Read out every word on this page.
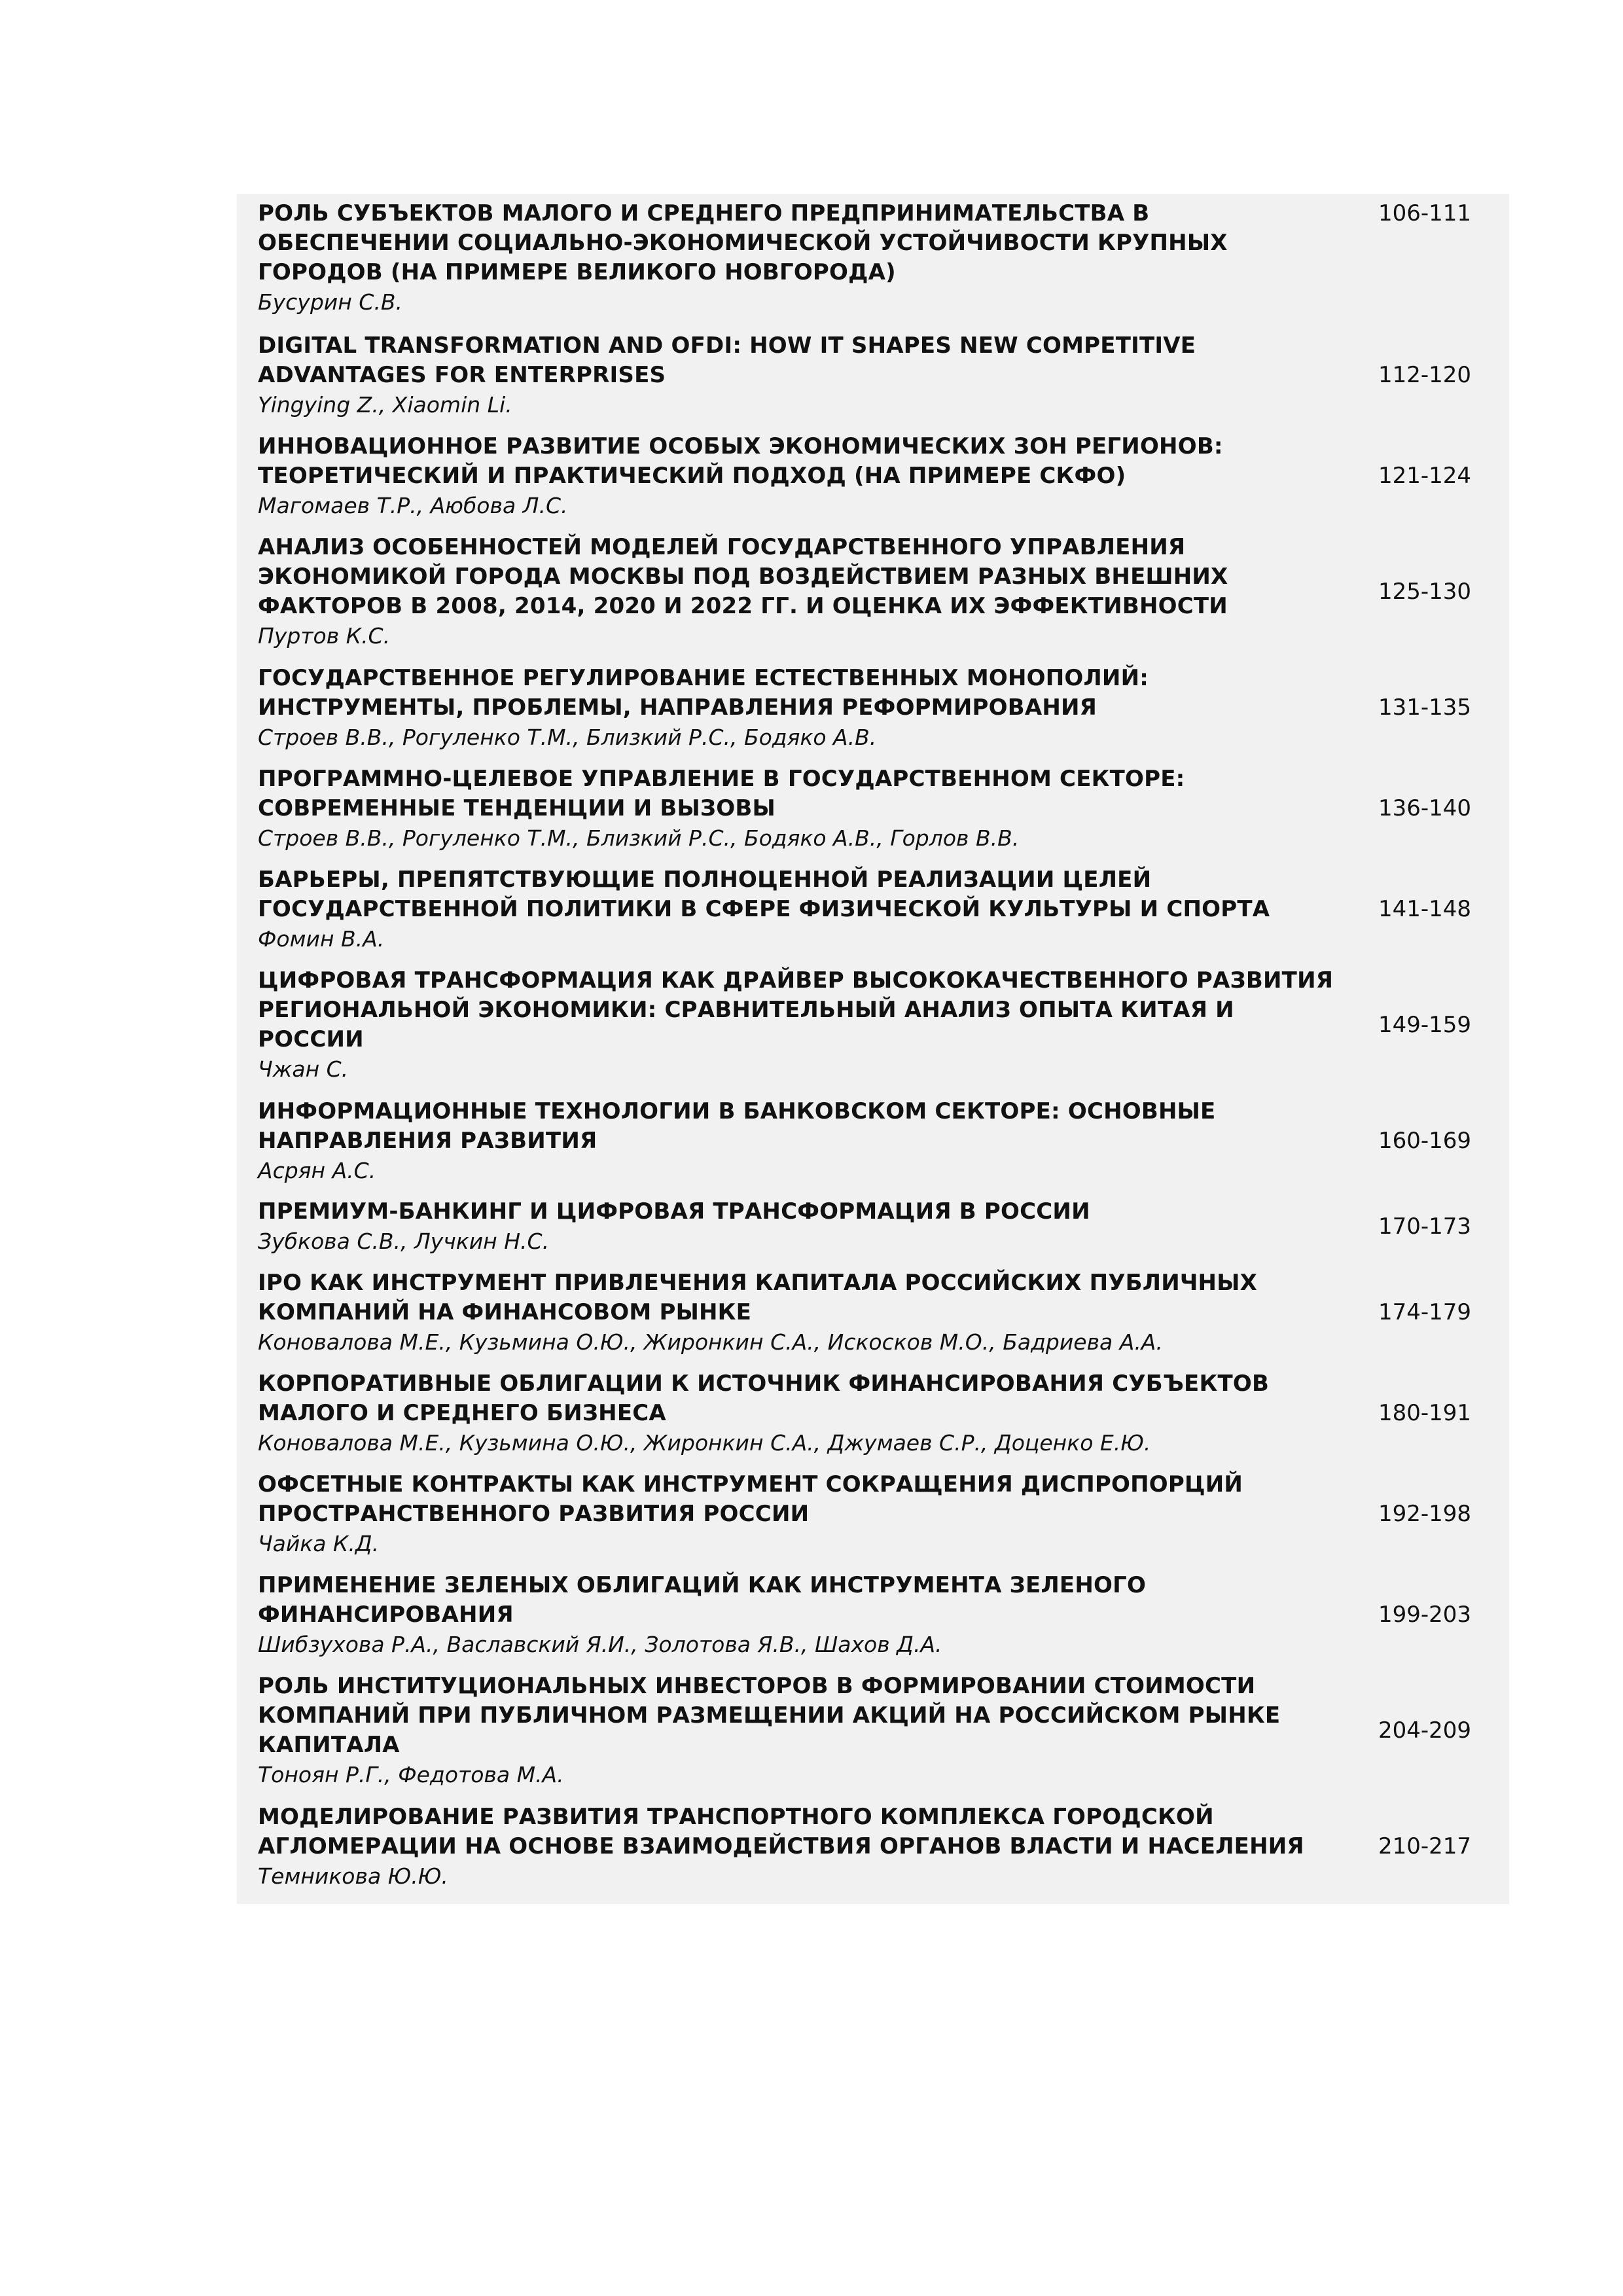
РОЛЬ СУБЪЕКТОВ МАЛОГО И СРЕДНЕГО ПРЕДПРИНИМАТЕЛЬСТВА В ОБЕСПЕЧЕНИИ СОЦИАЛЬНО-ЭКОНОМИЧЕСКОЙ УСТОЙЧИВОСТИ КРУПНЫХ ГОРОДОВ (НА ПРИМЕРЕ ВЕЛИКОГО НОВГОРОДА)

Бусурин С.В.

106-111

DIGITAL TRANSFORMATION AND OFDI: HOW IT SHAPES NEW COMPETITIVE ADVANTAGES FOR ENTERPRISES

Yingying Z., Xiaomin Li.

112-120

ИННОВАЦИОННОЕ РАЗВИТИЕ ОСОБЫХ ЭКОНОМИЧЕСКИХ ЗОН РЕГИОНОВ: ТЕОРЕТИЧЕСКИЙ И ПРАКТИЧЕСКИЙ ПОДХОД (НА ПРИМЕРЕ СКФО)

Магомаев Т.Р., Аюбова Л.С.

121-124

АНАЛИЗ ОСОБЕННОСТЕЙ МОДЕЛЕЙ ГОСУДАРСТВЕННОГО УПРАВЛЕНИЯ ЭКОНОМИКОЙ ГОРОДА МОСКВЫ ПОД ВОЗДЕЙСТВИЕМ РАЗНЫХ ВНЕШНИХ ФАКТОРОВ В 2008, 2014, 2020 И 2022 ГГ. И ОЦЕНКА ИХ ЭФФЕКТИВНОСТИ

Пуртов К.С.

125-130

ГОСУДАРСТВЕННОЕ РЕГУЛИРОВАНИЕ ЕСТЕСТВЕННЫХ МОНОПОЛИЙ: ИНСТРУМЕНТЫ, ПРОБЛЕМЫ, НАПРАВЛЕНИЯ РЕФОРМИРОВАНИЯ

Строев В.В., Рогуленко Т.М., Близкий Р.С., Бодяко А.В.

131-135

ПРОГРАММНО-ЦЕЛЕВОЕ УПРАВЛЕНИЕ В ГОСУДАРСТВЕННОМ СЕКТОРЕ: СОВРЕМЕННЫЕ ТЕНДЕНЦИИ И ВЫЗОВЫ

Строев В.В., Рогуленко Т.М., Близкий Р.С., Бодяко А.В., Горлов В.В.

136-140

БАРЬЕРЫ, ПРЕПЯТСТВУЮЩИЕ ПОЛНОЦЕННОЙ РЕАЛИЗАЦИИ ЦЕЛЕЙ ГОСУДАРСТВЕННОЙ ПОЛИТИКИ В СФЕРЕ ФИЗИЧЕСКОЙ КУЛЬТУРЫ И СПОРТА

Фомин В.А.

141-148

ЦИФРОВАЯ ТРАНСФОРМАЦИЯ КАК ДРАЙВЕР ВЫСОКОКАЧЕСТВЕННОГО РАЗВИТИЯ РЕГИОНАЛЬНОЙ ЭКОНОМИКИ: СРАВНИТЕЛЬНЫЙ АНАЛИЗ ОПЫТА КИТАЯ И РОССИИ

Чжан С.

149-159

ИНФОРМАЦИОННЫЕ ТЕХНОЛОГИИ В БАНКОВСКОМ СЕКТОРЕ: ОСНОВНЫЕ НАПРАВЛЕНИЯ РАЗВИТИЯ

Асрян А.С.

160-169

ПРЕМИУМ-БАНКИНГ И ЦИФРОВАЯ ТРАНСФОРМАЦИЯ В РОССИИ

Зубкова С.В., Лучкин Н.С.

170-173

IPO КАК ИНСТРУМЕНТ ПРИВЛЕЧЕНИЯ КАПИТАЛА РОССИЙСКИХ ПУБЛИЧНЫХ КОМПАНИЙ НА ФИНАНСОВОМ РЫНКЕ

Коновалова М.Е., Кузьмина О.Ю., Жиронкин С.А., Искосков М.О., Бадриева А.А.

174-179

КОРПОРАТИВНЫЕ ОБЛИГАЦИИ К ИСТОЧНИК ФИНАНСИРОВАНИЯ СУБЪЕКТОВ МАЛОГО И СРЕДНЕГО БИЗНЕСА

Коновалова М.Е., Кузьмина О.Ю., Жиронкин С.А., Джумаев С.Р., Доценко Е.Ю.

180-191

ОФСЕТНЫЕ КОНТРАКТЫ КАК ИНСТРУМЕНТ СОКРАЩЕНИЯ ДИСПРОПОРЦИЙ ПРОСТРАНСТВЕННОГО РАЗВИТИЯ РОССИИ

Чайка К.Д.

192-198

ПРИМЕНЕНИЕ ЗЕЛЕНЫХ ОБЛИГАЦИЙ КАК ИНСТРУМЕНТА ЗЕЛЕНОГО ФИНАНСИРОВАНИЯ

Шибзухова Р.А., Ваславский Я.И., Золотова Я.В., Шахов Д.А.

199-203

РОЛЬ ИНСТИТУЦИОНАЛЬНЫХ ИНВЕСТОРОВ В ФОРМИРОВАНИИ СТОИМОСТИ КОМПАНИЙ ПРИ ПУБЛИЧНОМ РАЗМЕЩЕНИИ АКЦИЙ НА РОССИЙСКОМ РЫНКЕ КАПИТАЛА

Тоноян Р.Г., Федотова М.А.

204-209

МОДЕЛИРОВАНИЕ РАЗВИТИЯ ТРАНСПОРТНОГО КОМПЛЕКСА ГОРОДСКОЙ АГЛОМЕРАЦИИ НА ОСНОВЕ ВЗАИМОДЕЙСТВИЯ ОРГАНОВ ВЛАСТИ И НАСЕЛЕНИЯ

Темникова Ю.Ю.

210-217
